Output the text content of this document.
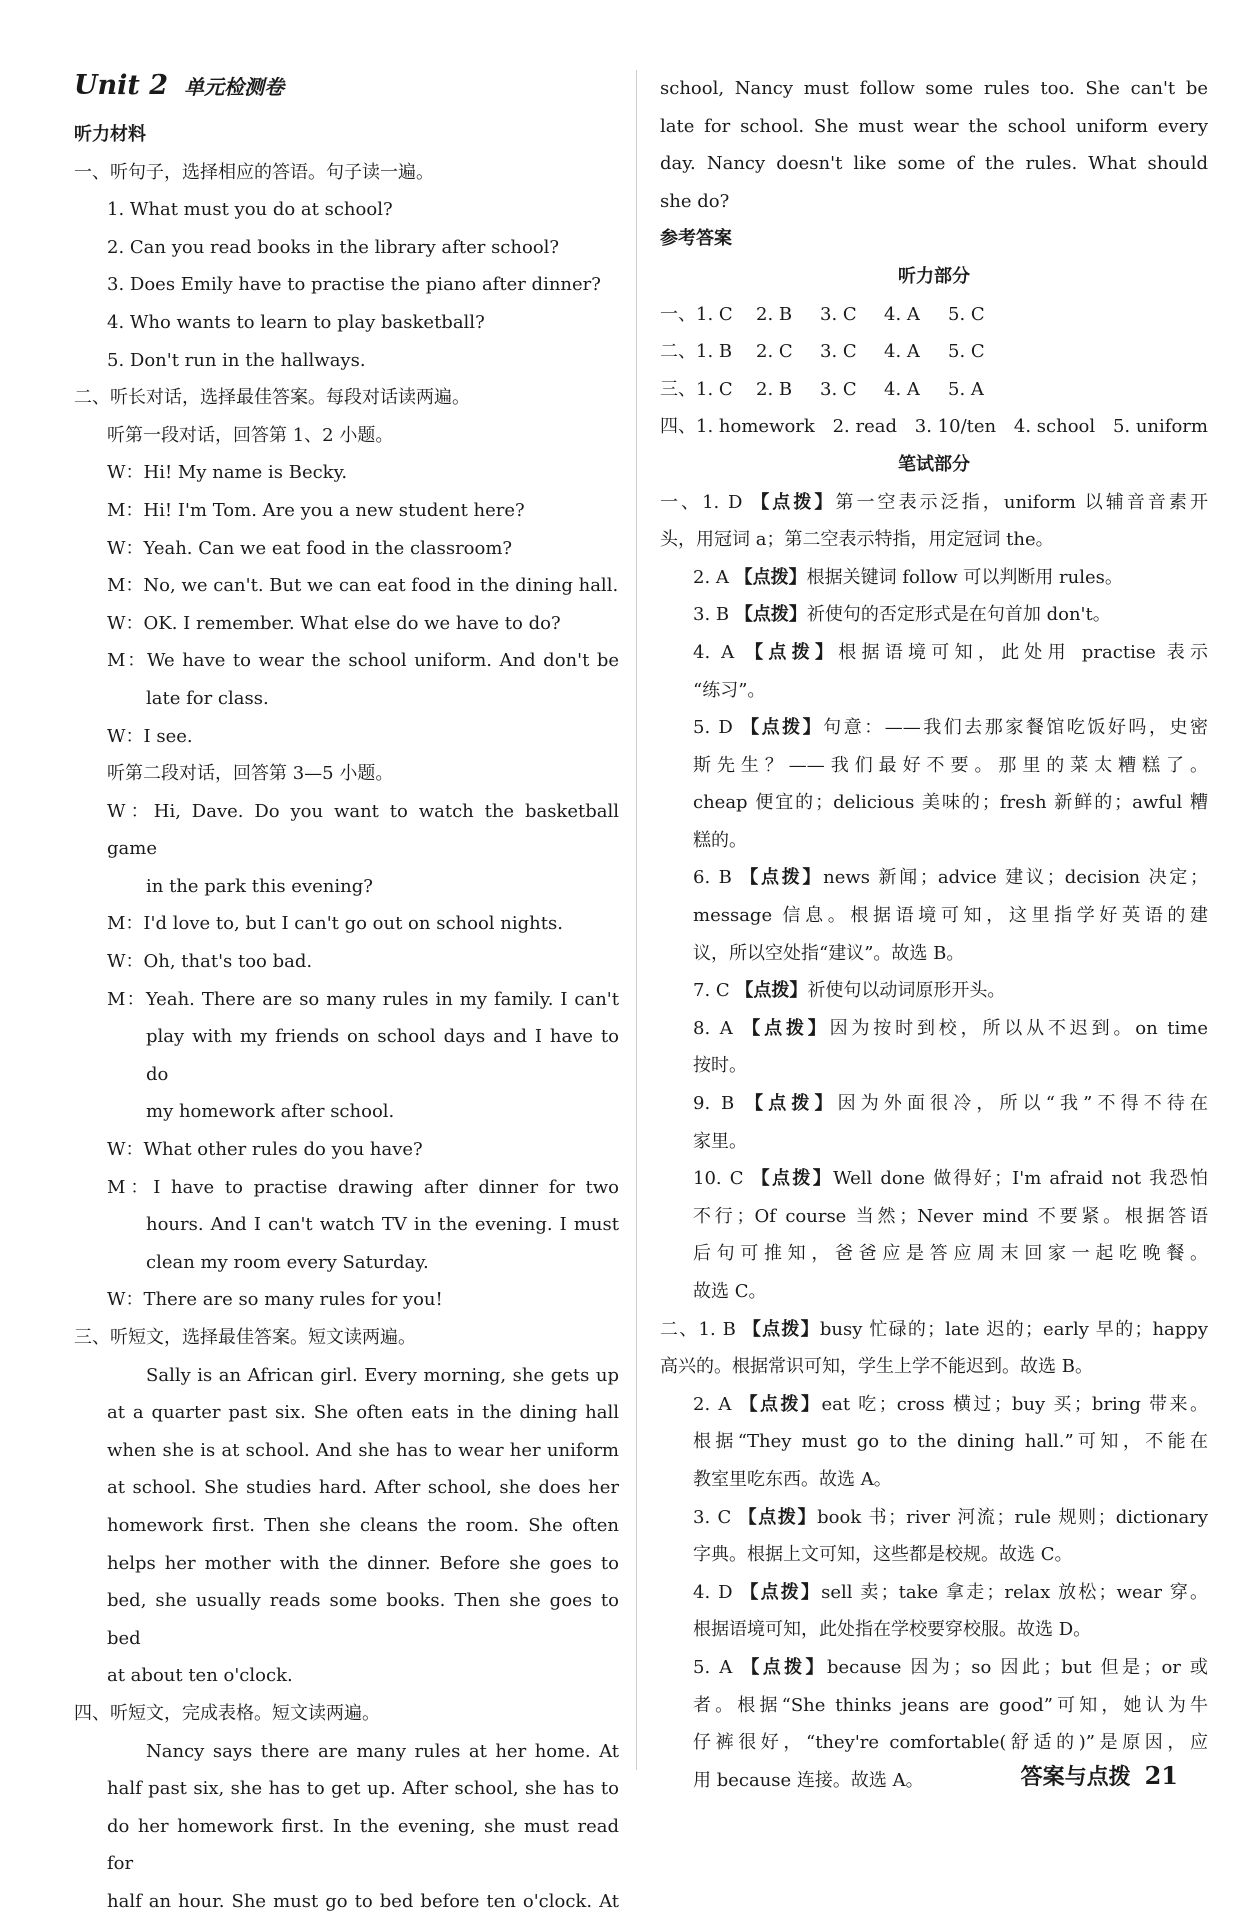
Unit 2 单元检测卷
听力材料
一、听句子，选择相应的答语。句子读一遍。
1. What must you do at school?
2. Can you read books in the library after school?
3. Does Emily have to practise the piano after dinner?
4. Who wants to learn to play basketball?
5. Don't run in the hallways.
二、听长对话，选择最佳答案。每段对话读两遍。
听第一段对话，回答第 1、2 小题。
W：Hi! My name is Becky.
M：Hi! I'm Tom. Are you a new student here?
W：Yeah. Can we eat food in the classroom?
M：No, we can't. But we can eat food in the dining hall.
W：OK. I remember. What else do we have to do?
M：We have to wear the school uniform. And don't be
late for class.
W：I see.
听第二段对话，回答第 3—5 小题。
W：Hi, Dave. Do you want to watch the basketball game
in the park this evening?
M：I'd love to, but I can't go out on school nights.
W：Oh, that's too bad.
M：Yeah. There are so many rules in my family. I can't
play with my friends on school days and I have to do
my homework after school.
W：What other rules do you have?
M：I have to practise drawing after dinner for two
hours. And I can't watch TV in the evening. I must
clean my room every Saturday.
W：There are so many rules for you!
三、听短文，选择最佳答案。短文读两遍。
Sally is an African girl. Every morning, she gets up
at a quarter past six. She often eats in the dining hall
when she is at school. And she has to wear her uniform
at school. She studies hard. After school, she does her
homework first. Then she cleans the room. She often
helps her mother with the dinner. Before she goes to
bed, she usually reads some books. Then she goes to bed
at about ten o'clock.
四、听短文，完成表格。短文读两遍。
Nancy says there are many rules at her home. At
half past six, she has to get up. After school, she has to
do her homework first. In the evening, she must read for
half an hour. She must go to bed before ten o'clock. At
school, Nancy must follow some rules too. She can't be
late for school. She must wear the school uniform every
day. Nancy doesn't like some of the rules. What should
she do?
参考答案
听力部分
一、1. C	2. B	3. C	4. A	5. C
二、1. B	2. C	3. C	4. A	5. C
三、1. C	2. B	3. C	4. A	5. A
四、1. homework 2. read 3. 10/ten 4. school 5. uniform
笔试部分
一、1. D 【点拨】第一空表示泛指，uniform 以辅音音素开
头，用冠词 a；第二空表示特指，用定冠词 the。
2. A 【点拨】根据关键词 follow 可以判断用 rules。
3. B 【点拨】祈使句的否定形式是在句首加 don't。
4. A 【点拨】根据语境可知，此处用 practise 表示
“练习”。
5. D 【点拨】句意：——我们去那家餐馆吃饭好吗，史密
斯先生？——我们最好不要。那里的菜太糟糕了。
cheap 便宜的；delicious 美味的；fresh 新鲜的；awful 糟
糕的。
6. B 【点拨】news 新闻；advice 建议；decision 决定；
message 信息。根据语境可知，这里指学好英语的建
议，所以空处指“建议”。故选 B。
7. C 【点拨】祈使句以动词原形开头。
8. A 【点拨】因为按时到校，所以从不迟到。on time
按时。
9. B 【点拨】因为外面很冷，所以“我”不得不待在
家里。
10. C 【点拨】Well done 做得好；I'm afraid not 我恐怕
不行；Of course 当然；Never mind 不要紧。根据答语
后句可推知，爸爸应是答应周末回家一起吃晚餐。
故选 C。
二、1. B 【点拨】busy 忙碌的；late 迟的；early 早的；happy
高兴的。根据常识可知，学生上学不能迟到。故选 B。
2. A 【点拨】eat 吃；cross 横过；buy 买；bring 带来。
根据“They must go to the dining hall.”可知，不能在
教室里吃东西。故选 A。
3. C 【点拨】book 书；river 河流；rule 规则；dictionary
字典。根据上文可知，这些都是校规。故选 C。
4. D 【点拨】sell 卖；take 拿走；relax 放松；wear 穿。
根据语境可知，此处指在学校要穿校服。故选 D。
5. A 【点拨】because 因为；so 因此；but 但是；or 或
者。根据“She thinks jeans are good”可知，她认为牛
仔裤很好，“they're comfortable(舒适的)”是原因，应
用 because 连接。故选 A。	答案与点拨 21
